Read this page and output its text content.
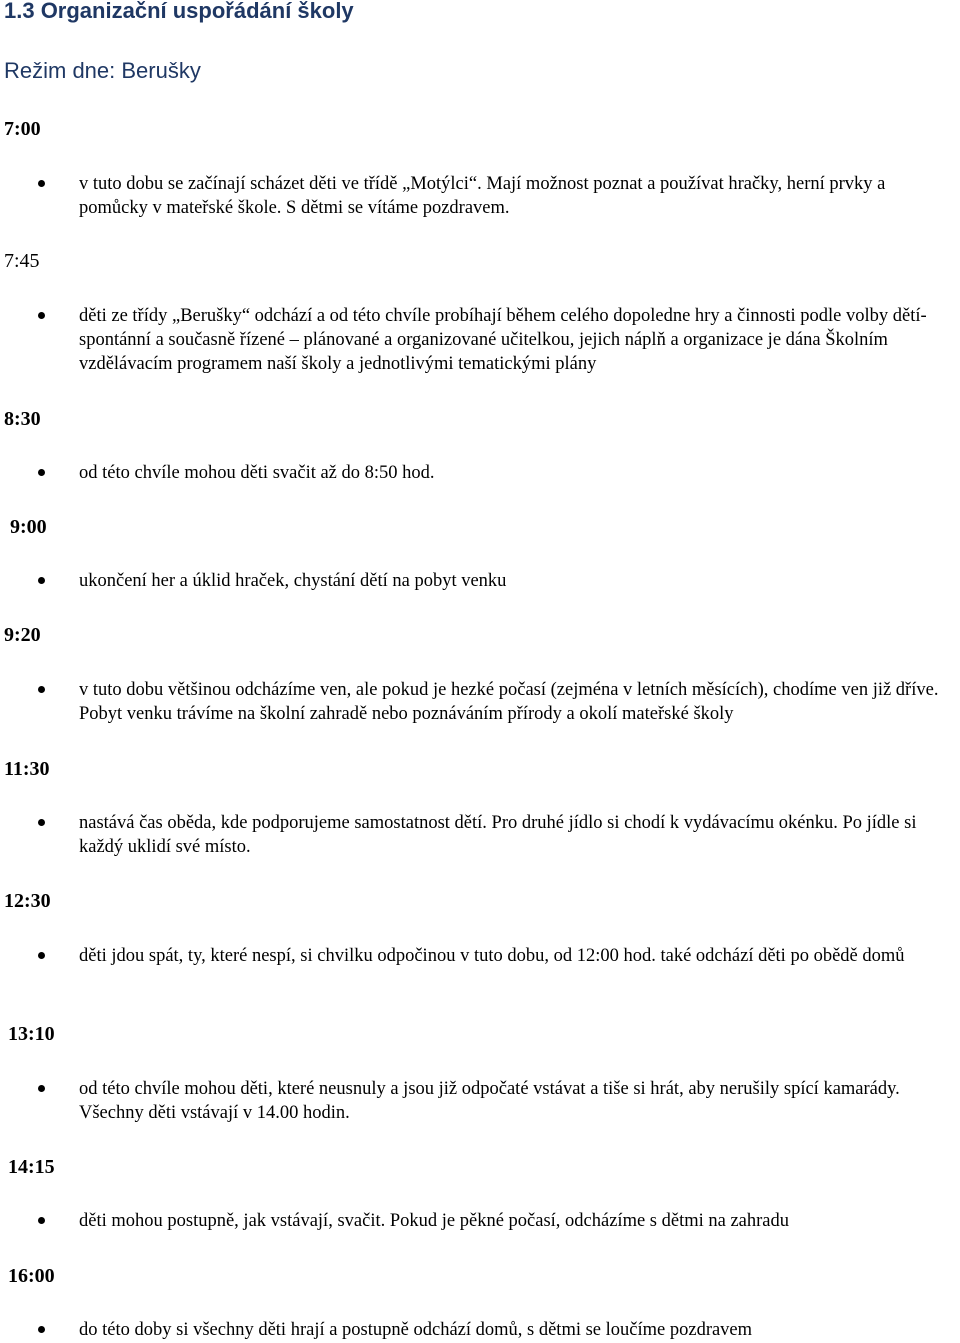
1.3 Organizační uspořádání školy
Režim dne: Berušky
7:00
v tuto dobu se začínají scházet děti ve třídě „Motýlci“. Mají možnost poznat a používat hračky, herní prvky a pomůcky v mateřské škole. S dětmi se vítáme pozdravem.
7:45
děti ze třídy „Berušky“ odchází a od této chvíle probíhají během celého dopoledne hry a činnosti podle volby dětí- spontánní a současně řízené – plánované a organizované učitelkou, jejich náplň a organizace je dána Školním vzdělávacím programem naší školy a jednotlivými tematickými plány
8:30
od této chvíle mohou děti svačit až do 8:50 hod.
9:00
ukončení her a úklid hraček, chystání dětí na pobyt venku
9:20
v tuto dobu většinou odcházíme ven, ale pokud je hezké počasí (zejména v letních měsících), chodíme ven již dříve. Pobyt venku trávíme na školní zahradě nebo poznáváním přírody a okolí mateřské školy
11:30
nastává čas oběda, kde podporujeme samostatnost dětí. Pro druhé jídlo si chodí k vydávacímu okénku. Po jídle si každý uklidí své místo.
12:30
děti jdou spát, ty, které nespí, si chvilku odpočinou v tuto dobu, od 12:00 hod. také odchází děti po obědě domů
13:10
od této chvíle mohou děti, které neusnuly a jsou již odpočaté vstávat a tiše si hrát, aby nerušily spící kamarády. Všechny děti vstávají v 14.00 hodin.
14:15
děti mohou postupně, jak vstávají, svačit. Pokud je pěkné počasí, odcházíme s dětmi na zahradu
16:00
do této doby si všechny děti hrají a postupně odchází domů, s dětmi se loučíme pozdravem
